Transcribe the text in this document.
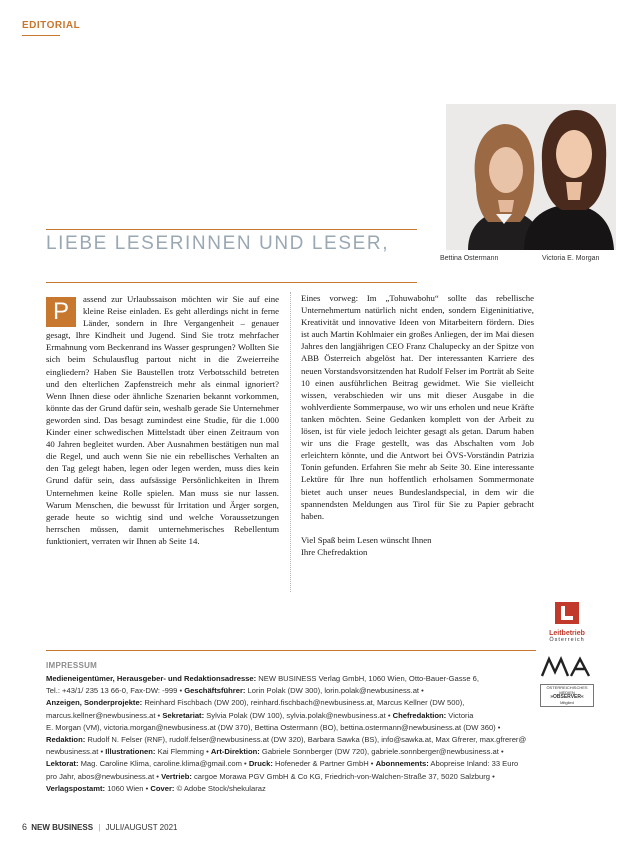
EDITORIAL
Bettina Ostermann	Victoria E. Morgan
LIEBE LESERINNEN UND LESER,

P	assend zur Urlaubssaison möchten wir Sie auf eine kleine Reise einladen. Es geht allerdings nicht in ferne Länder, sondern in Ihre Vergangenheit – genauer gesagt, Ihre Kindheit und Jugend. Sind Sie trotz mehrfacher Ermahnung vom Beckenrand ins Wasser gesprungen? Wollten Sie sich beim Schulausflug partout nicht in die Zweierreihe eingliedern? Haben Sie Baustellen trotz Verbotsschild betreten und den elterlichen Zapfenstreich mehr als einmal ignoriert? Wenn Ihnen diese oder ähnliche Szenarien bekannt vorkommen, könnte das der Grund dafür sein, weshalb gerade Sie Unternehmer geworden sind. Das besagt zumindest eine Studie, für die 1.000 Kinder einer schwedischen Mittelstadt über einen Zeitraum von 40 Jahren begleitet wurden. Aber Ausnahmen bestätigen nun mal die Regel, und auch wenn Sie nie ein rebellisches Verhalten an den Tag gelegt haben, legen oder legen werden, muss dies kein Grund dafür sein, dass aufsässige Persönlichkeiten in Ihrem Unternehmen keine Rolle spielen. Man muss sie nur lassen. Warum Menschen, die bewusst für Irritation und Ärger sorgen, gerade heute so wichtig sind und welche Voraussetzungen herrschen müssen, damit unternehmerisches Rebellentum funktioniert, verraten wir Ihnen ab Seite 14.

Eines vorweg: Im „Tohuwabohu“ sollte das rebellische Unternehmertum natürlich nicht enden, sondern Eigeninitiative, Kreativität und innovative Ideen von Mitarbeitern fördern. Dies ist auch Martin Kohlmaier ein großes Anliegen, der im Mai diesen Jahres den langjährigen CEO Franz Chalupecky an der Spitze von ABB Österreich abgelöst hat. Der interessanten Karriere des neuen Vorstandsvorsitzenden hat Rudolf Felser im Porträt ab Seite 10 einen ausführlichen Beitrag gewidmet. Wie Sie vielleicht wissen, verabschieden wir uns mit dieser Ausgabe in die wohlverdiente Sommerpause, wo wir uns erholen und neue Kräfte tanken möchten. Seine Gedanken komplett von der Arbeit zu lösen, ist für viele jedoch leichter gesagt als getan. Darum haben wir uns die Frage gestellt, was das Abschalten vom Job erleichtern könnte, und die Antwort bei ÖVS-Vorständin Patrizia Tonin gefunden. Erfahren Sie mehr ab Seite 30. Eine interessante Lektüre für Ihre nun hoffentlich erholsamen Sommermonate bietet auch unser neues Bundeslandspecial, in dem wir die spannendsten Meldungen aus Tirol für Sie zu Papier gebracht haben.

Viel Spaß beim Lesen wünscht Ihnen
Ihre Chefredaktion

Leitbetrieb
Österreich
ÖSTERREICHISCHES MEDIEN
»OBSERVER«
Mitglied
IMPRESSUM
Medieneigentümer, Herausgeber- und Redaktionsadresse: NEW BUSINESS Verlag GmbH, 1060 Wien, Otto-Bauer-Gasse 6,
Tel.: +43/1/ 235 13 66-0, Fax-DW: -999 • Geschäftsführer: Lorin Polak (DW 300), lorin.polak@newbusiness.at •
Anzeigen, Sonderprojekte: Reinhard Fischbach (DW 200), reinhard.fischbach@newbusiness.at, Marcus Kellner (DW 500),
marcus.kellner@newbusiness.at • Sekretariat: Sylvia Polak (DW 100), sylvia.polak@newbusiness.at • Chefredaktion: Victoria
E. Morgan (VM), victoria.morgan@newbusiness.at (DW 370), Bettina Ostermann (BO), bettina.ostermann@newbusiness.at (DW 360) •
Redaktion: Rudolf N. Felser (RNF), rudolf.felser@newbusiness.at (DW 320), Barbara Sawka (BS), info@sawka.at, Max Gfrerer, max.gfrerer@
newbusiness.at • Illustrationen: Kai Flemming • Art-Direktion: Gabriele Sonnberger (DW 720), gabriele.sonnberger@newbusiness.at •
Lektorat: Mag. Caroline Klima, caroline.klima@gmail.com • Druck: Hofeneder & Partner GmbH • Abonnements: Abopreise Inland: 33 Euro
pro Jahr, abos@newbusiness.at • Vertrieb: cargoe Morawa PGV GmbH & Co KG, Friedrich-von-Walchen-Straße 37, 5020 Salzburg •
Verlagspostamt: 1060 Wien • Cover: © Adobe Stock/shekularaz
6 NEW BUSINESS | JULI/AUGUST 2021
